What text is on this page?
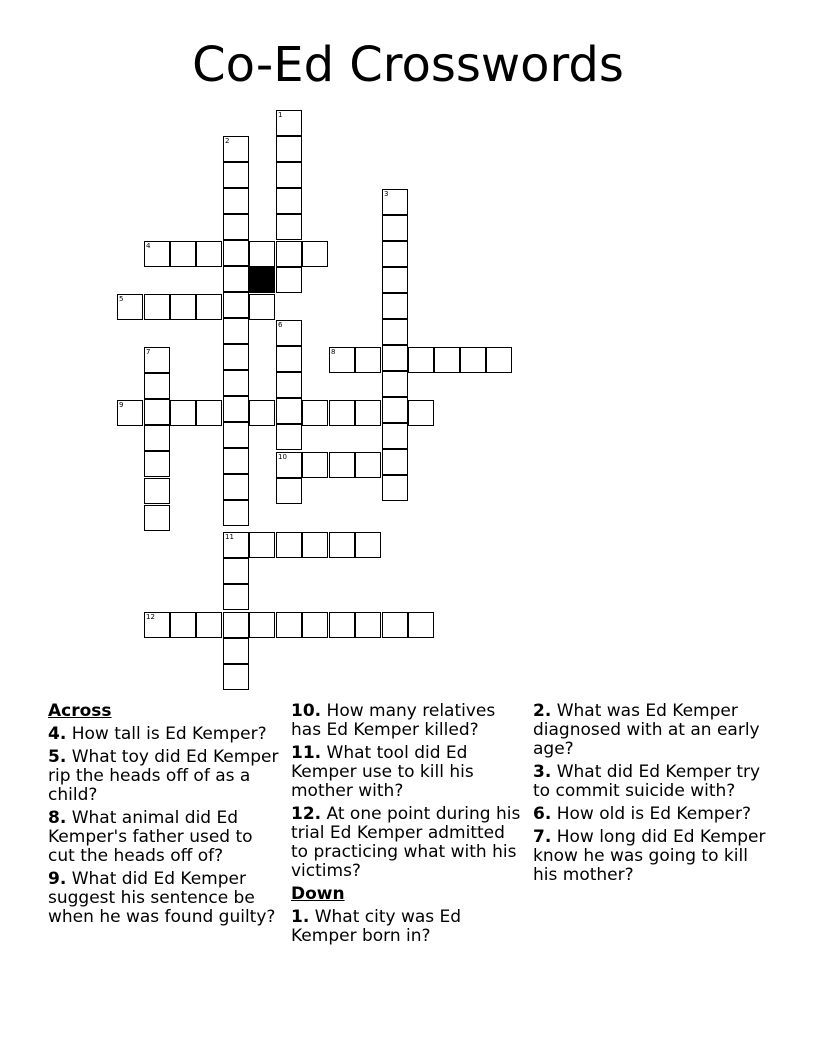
Co-Ed Crosswords
1
2
11
3
4
5
6
10
7	8
9
12
Across
4. How tall is Ed Kemper?
5. What toy did Ed Kemper rip the heads off of as a child?
8. What animal did Ed Kemper's father used to cut the heads off of?
9. What did Ed Kemper suggest his sentence be when he was found guilty?
10. How many relatives has Ed Kemper killed?
11. What tool did Ed Kemper use to kill his mother with?
12. At one point during his trial Ed Kemper admitted to practicing what with his victims?
Down
1. What city was Ed Kemper born in?
2. What was Ed Kemper diagnosed with at an early age?
3. What did Ed Kemper try to commit suicide with?
6. How old is Ed Kemper?
7. How long did Ed Kemper know he was going to kill his mother?
